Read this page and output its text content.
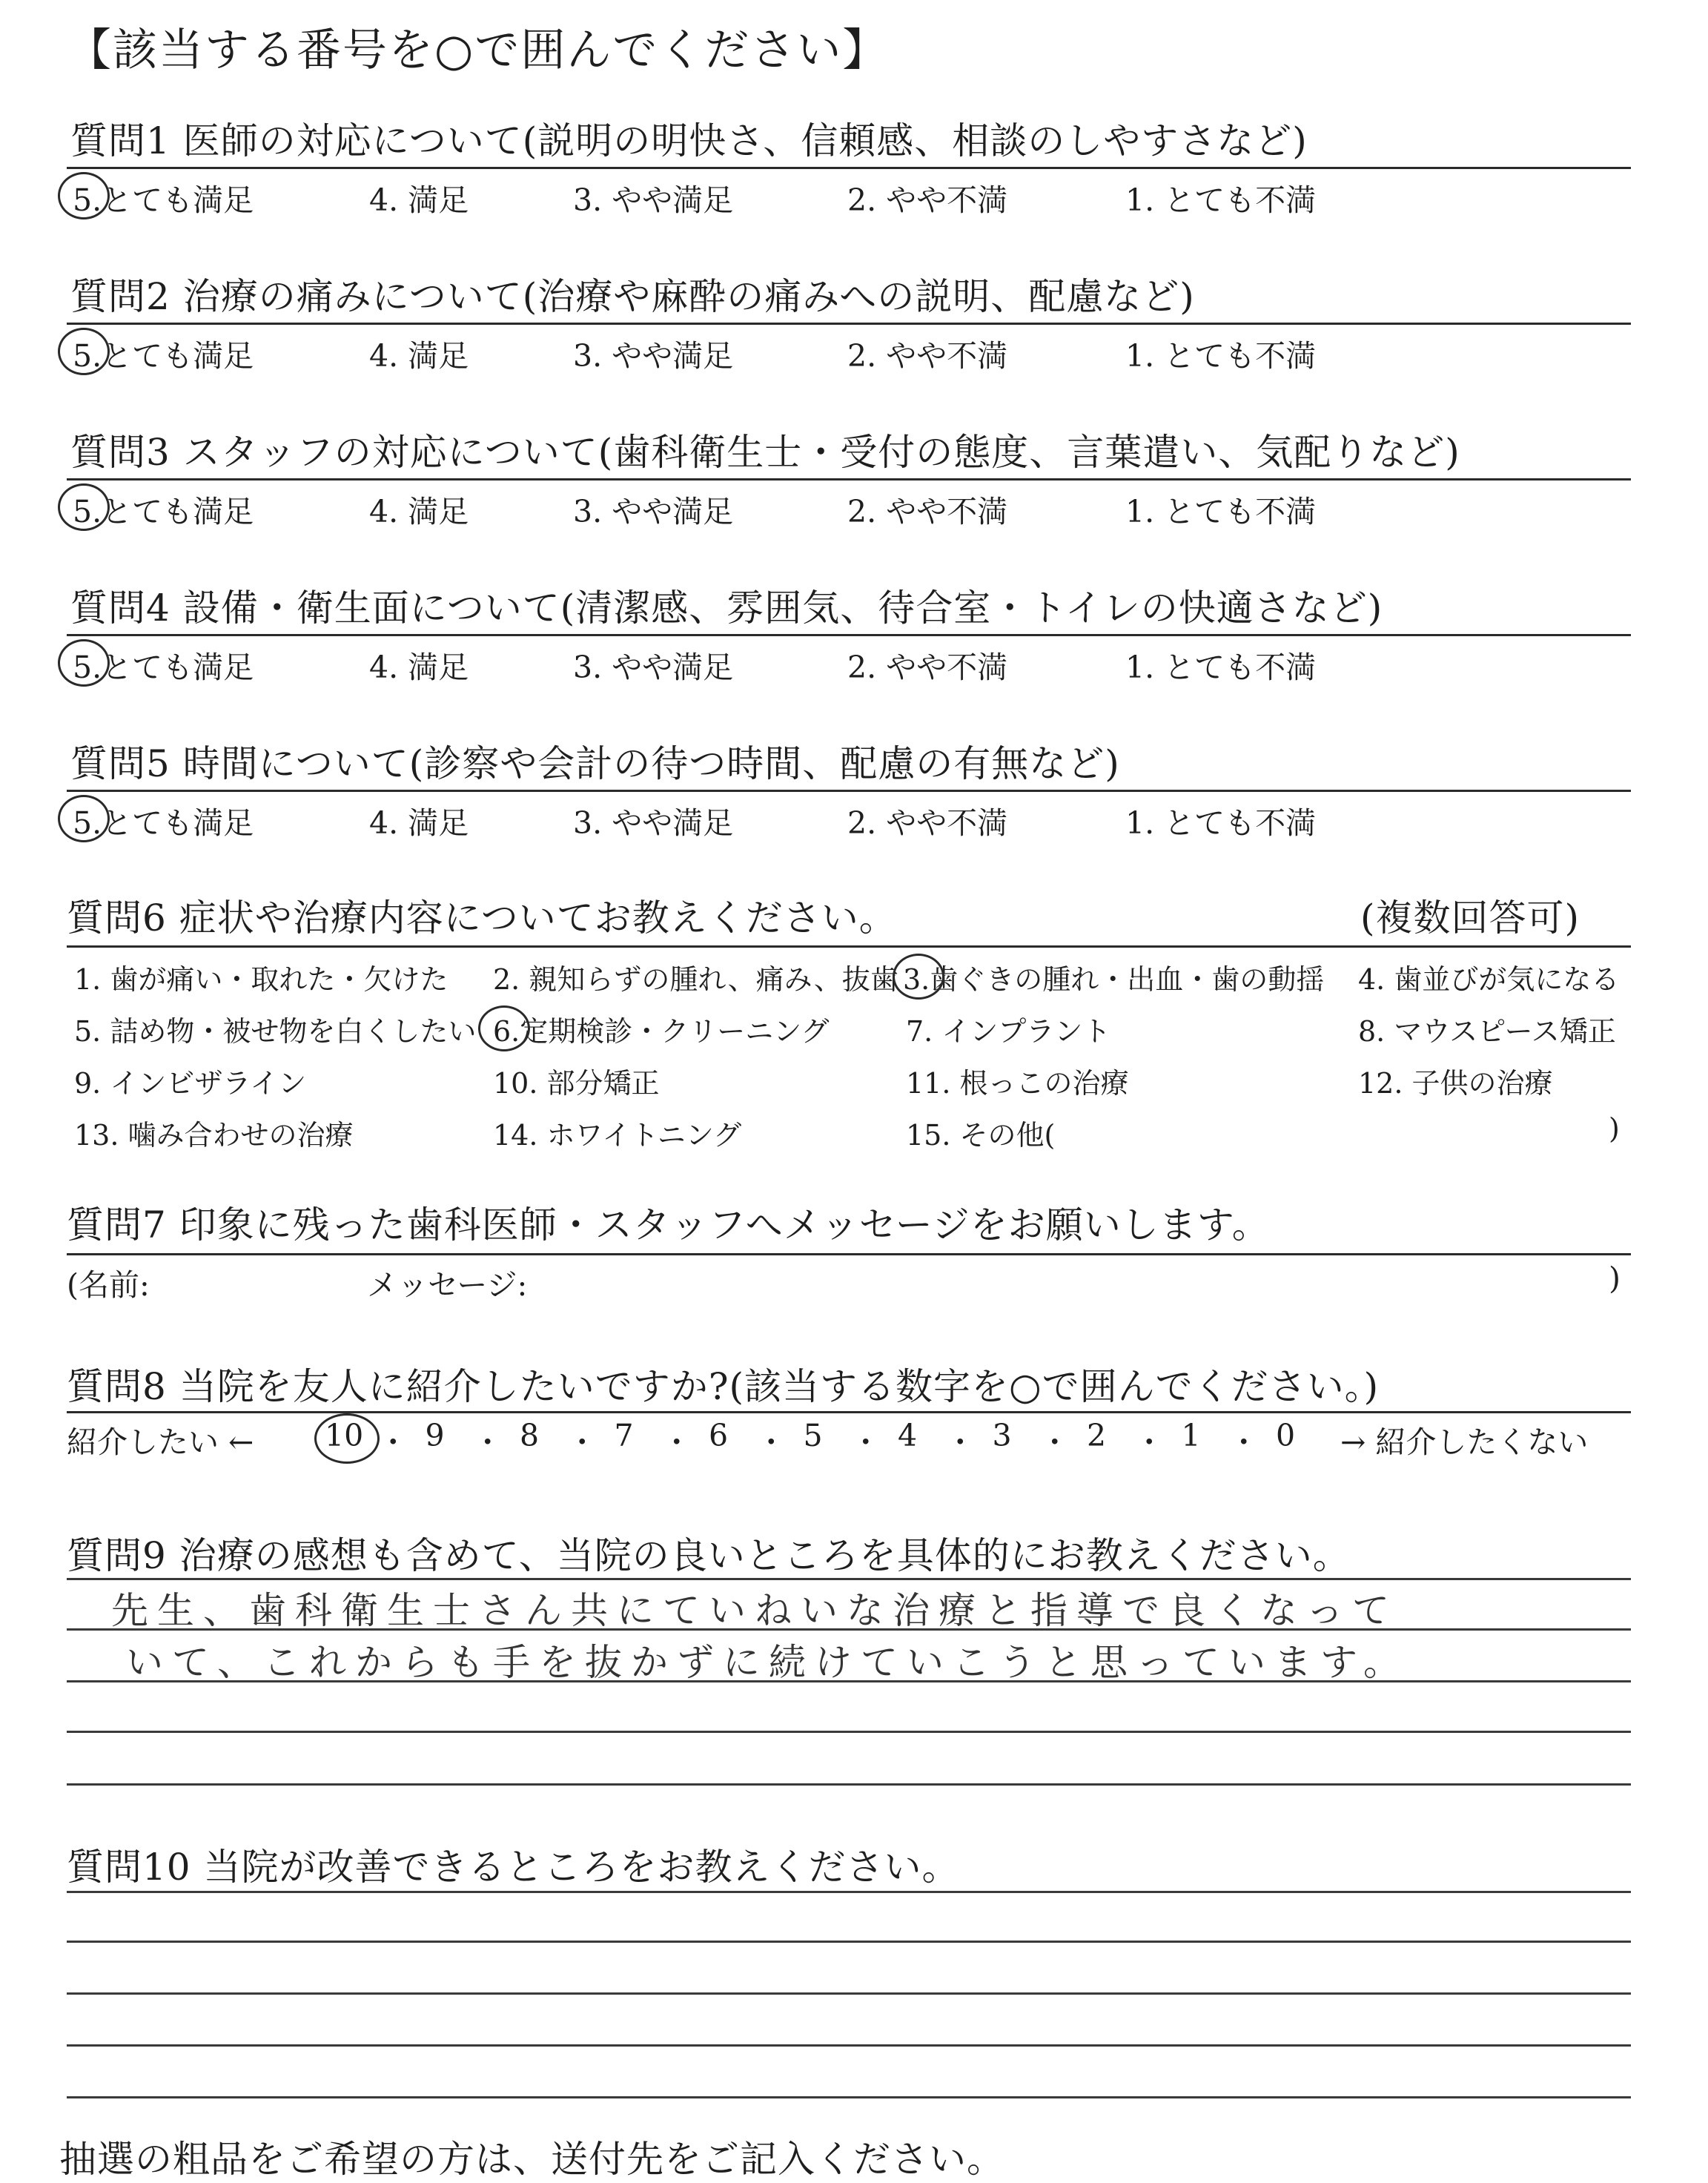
【該当する番号を○で囲んでください】
質問1 医師の対応について(説明の明快さ、信頼感、相談のしやすさなど)
5.とても満足	4. 満足	3. やや満足	2. やや不満	1. とても不満
質問2 治療の痛みについて(治療や麻酔の痛みへの説明、配慮など)
5.とても満足	4. 満足	3. やや満足	2. やや不満	1. とても不満
質問3 スタッフの対応について(歯科衛生士・受付の態度、言葉遣い、気配りなど)
5.とても満足	4. 満足	3. やや満足	2. やや不満	1. とても不満
質問4 設備・衛生面について(清潔感、雰囲気、待合室・トイレの快適さなど)
5.とても満足	4. 満足	3. やや満足	2. やや不満	1. とても不満
質問5 時間について(診察や会計の待つ時間、配慮の有無など)
5.とても満足	4. 満足	3. やや満足	2. やや不満	1. とても不満
質問6 症状や治療内容についてお教えください。	(複数回答可)
1. 歯が痛い・取れた・欠けた 2. 親知らずの腫れ、痛み、抜歯 3.歯ぐきの腫れ・出血・歯の動揺 4. 歯並びが気になる
5. 詰め物・被せ物を白くしたい 6.定期検診・クリーニング	7. インプラント	8. マウスピース矯正
9. インビザライン	10. 部分矯正	11. 根っこの治療	12. 子供の治療
13. 噛み合わせの治療	14. ホワイトニング	15. その他(	)
質問7 印象に残った歯科医師・スタッフへメッセージをお願いします。
(名前:	メッセージ:	)
質問8 当院を友人に紹介したいですか?(該当する数字を○で囲んでください。)
紹介したい ← 10 ・ 9 ・ 8 ・ 7 ・ 6 ・ 5 ・ 4 ・ 3 ・ 2 ・ 1 ・ 0 → 紹介したくない
質問9 治療の感想も含めて、当院の良いところを具体的にお教えください。
先生、歯科衛生士さん共にていねいな治療と指導で良くなって
いて、これからも手を抜かずに続けていこうと思っています。
質問10 当院が改善できるところをお教えください。
抽選の粗品をご希望の方は、送付先をご記入ください。
